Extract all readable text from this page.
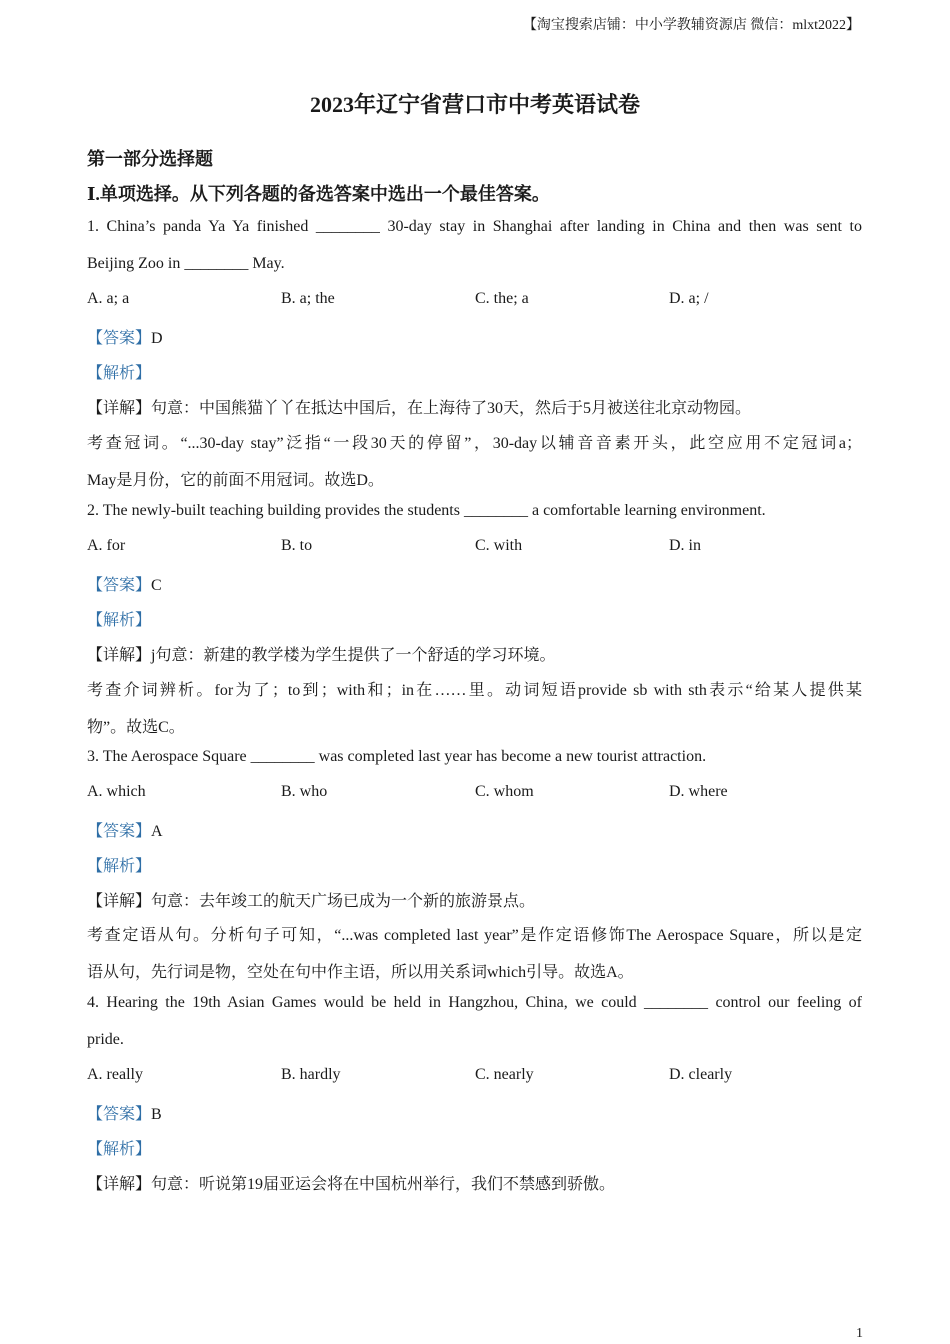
【淘宝搜索店铺：中小学教辅资源店 微信：mlxt2022】
2023年辽宁省营口市中考英语试卷
第一部分选择题
Ⅰ.单项选择。从下列各题的备选答案中选出一个最佳答案。
1. China’s panda Ya Ya finished ________ 30-day stay in Shanghai after landing in China and then was sent to
Beijing Zoo in ________ May.
A. a; a	B. a; the	C. the; a	D. a; /
【答案】D
【解析】
【详解】句意：中国熊猫丫丫在抵达中国后，在上海待了30天，然后于5月被送往北京动物园。
考查冠词。“...30-day stay”泛指“一段30天的停留”，30-day以辅音音素开头，此空应用不定冠词a；
May是月份，它的前面不用冠词。故选D。
2. The newly-built teaching building provides the students ________ a comfortable learning environment.
A. for	B. to	C. with	D. in
【答案】C
【解析】
【详解】j句意：新建的教学楼为学生提供了一个舒适的学习环境。
考查介词辨析。for为了；to到；with和；in在……里。动词短语provide sb with sth表示“给某人提供某
物”。故选C。
3. The Aerospace Square ________ was completed last year has become a new tourist attraction.
A. which	B. who	C. whom	D. where
【答案】A
【解析】
【详解】句意：去年竣工的航天广场已成为一个新的旅游景点。
考查定语从句。分析句子可知，“...was completed last year”是作定语修饰The Aerospace Square，所以是定
语从句，先行词是物，空处在句中作主语，所以用关系词which引导。故选A。
4. Hearing the 19th Asian Games would be held in Hangzhou, China, we could ________ control our feeling of
pride.
A. really	B. hardly	C. nearly	D. clearly
【答案】B
【解析】
【详解】句意：听说第19届亚运会将在中国杭州举行，我们不禁感到骄傲。
1
